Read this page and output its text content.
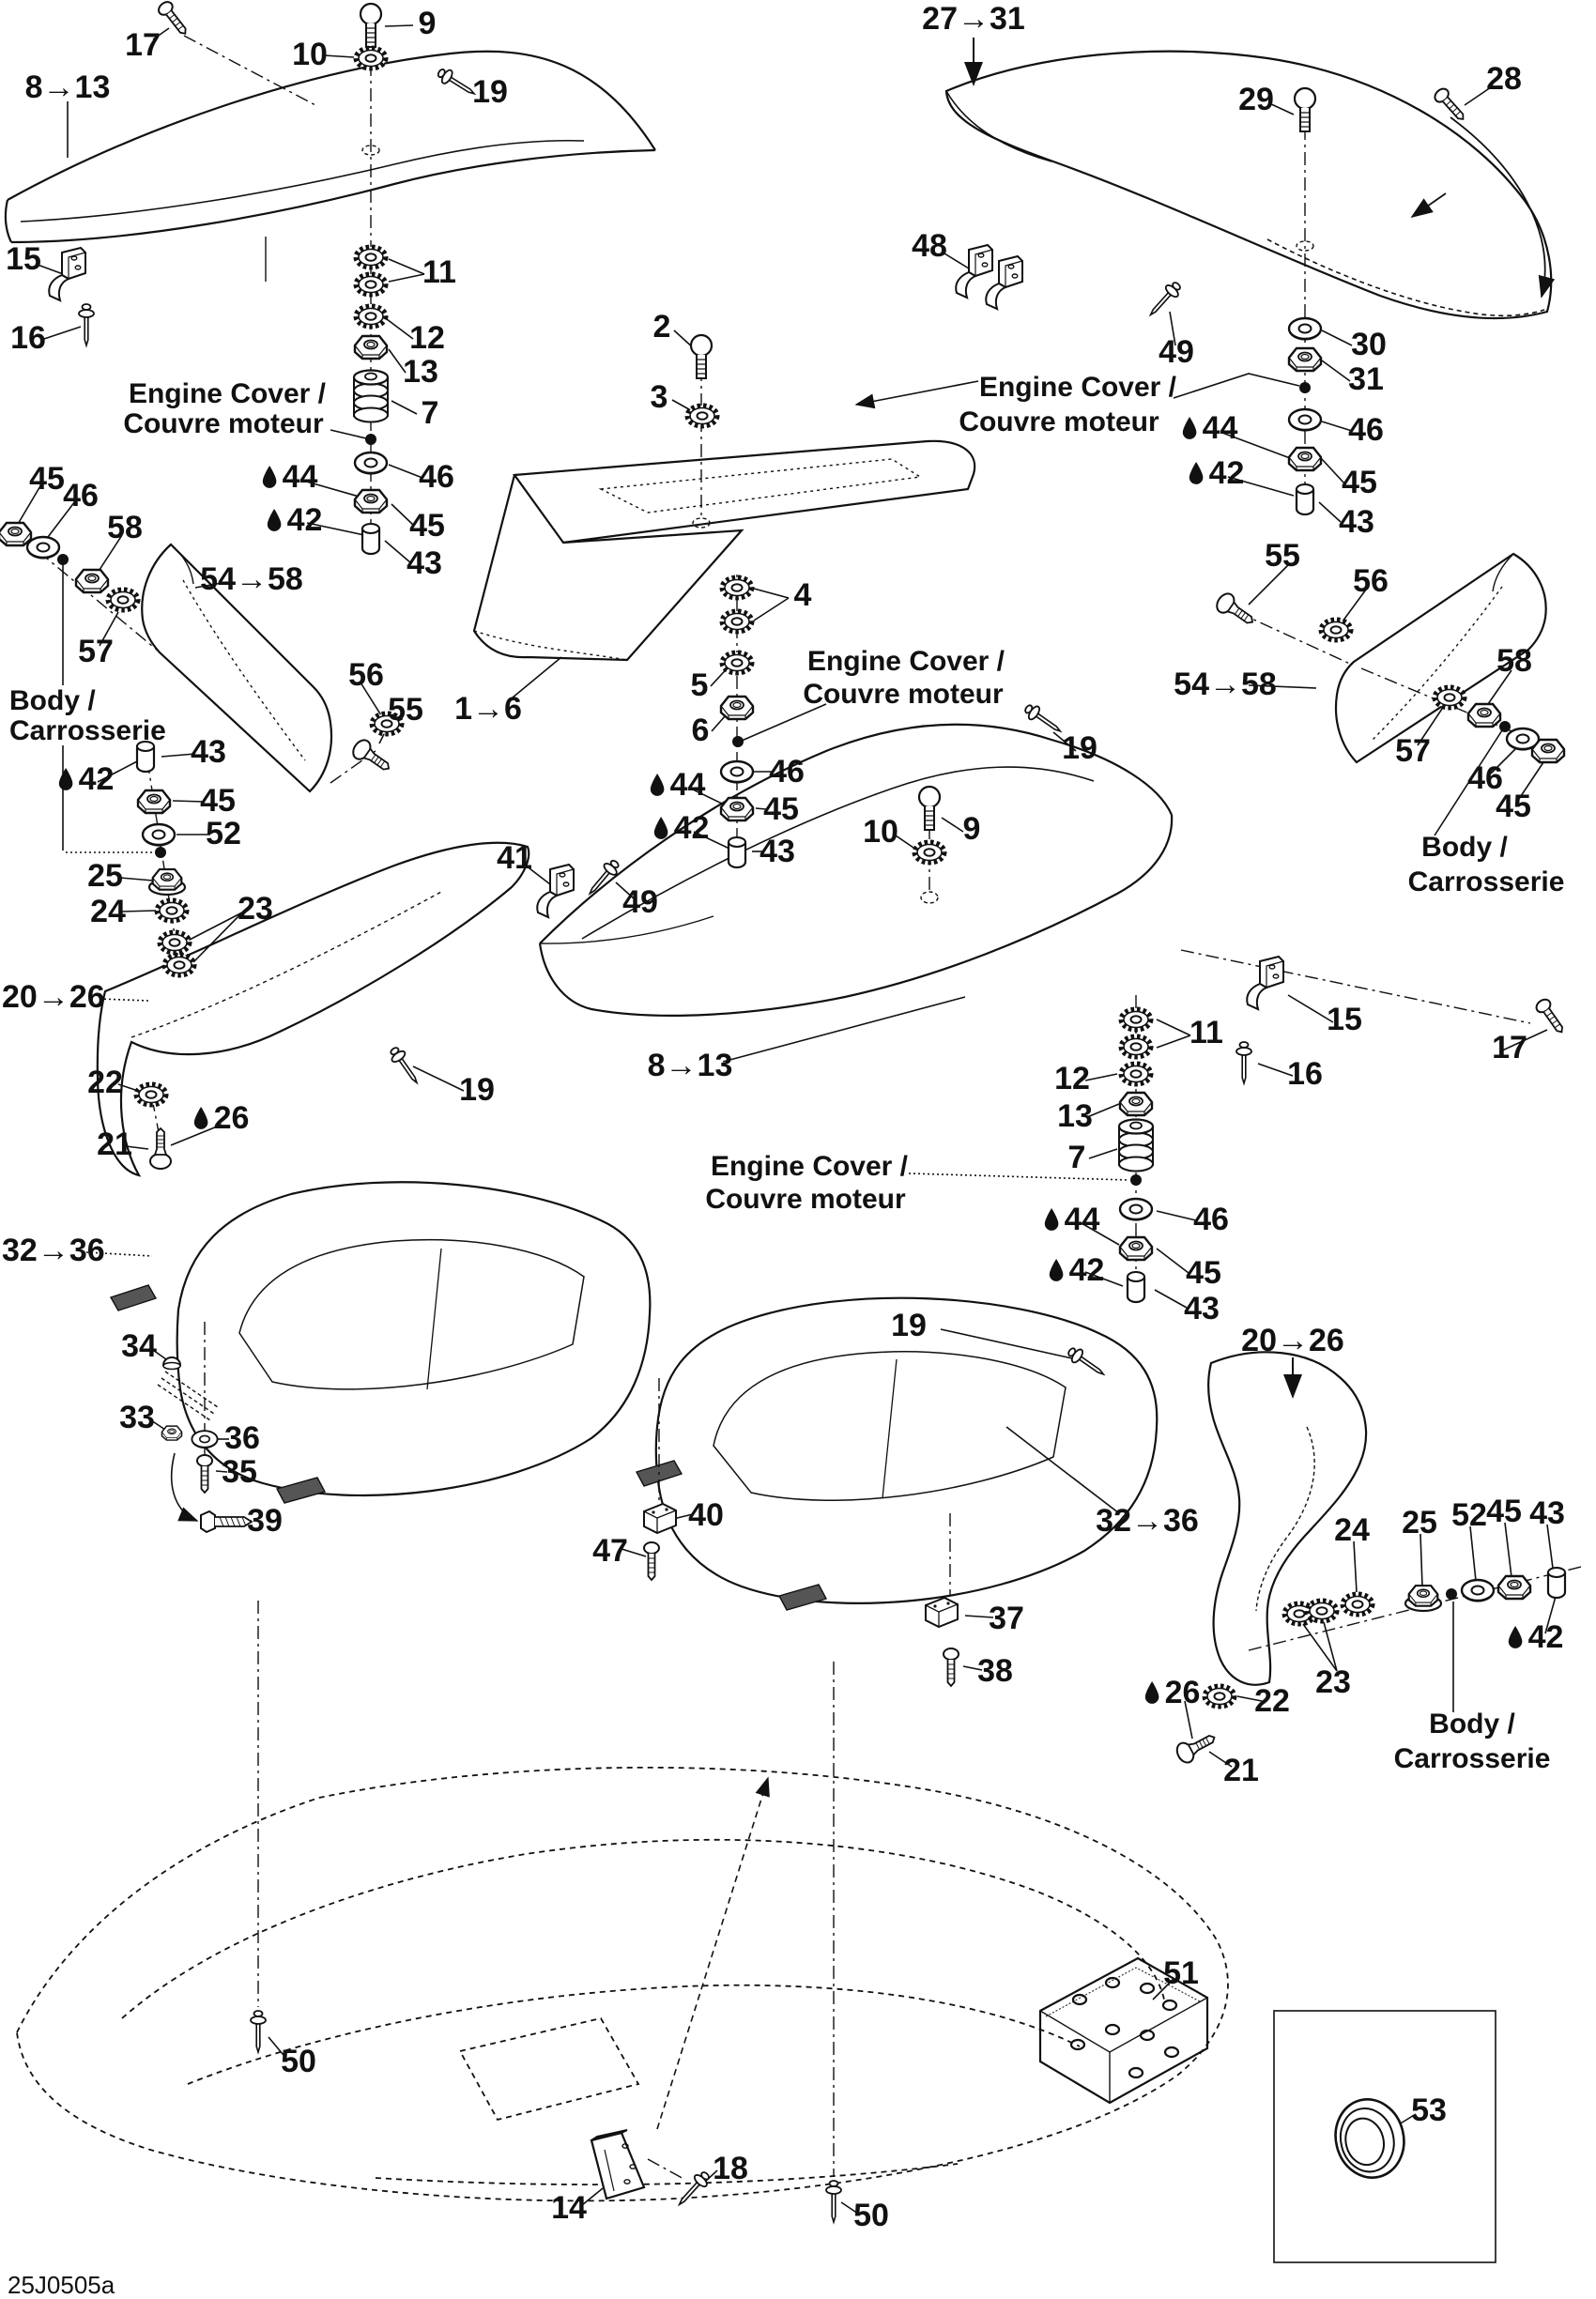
17
9
10
8→13	19
15
16
11
12
13
7
Engine Cover /
Couvre moteur
44	46
42	45
43
2
3
1→6
4
5
6
46
44
45
42
43
Engine Cover /
Couvre moteur
27→31
29
28
48
49	30
31
Engine Cover /
Couvre moteur	44	46
42	45
43
8→13
9
10
19
15
16
17
11
12
13
7
Engine Cover /
Couvre moteur
44	46
42	45
43
54→58
55
56
57
58
46
45
Body /
Carrosserie
54→58
55
56
57
58
46
45
Body /
Carrosserie
20→26
43
42
45
52
25
24	23
22
26
21
19
41
49
32→36
34
33
36
35
39	40
47
37
38
32→36
20→26
24 25 52 45 43
42
23
22
26
21
19
Body /
Carrosserie
50
50
14
18
51
53
25J0505a
